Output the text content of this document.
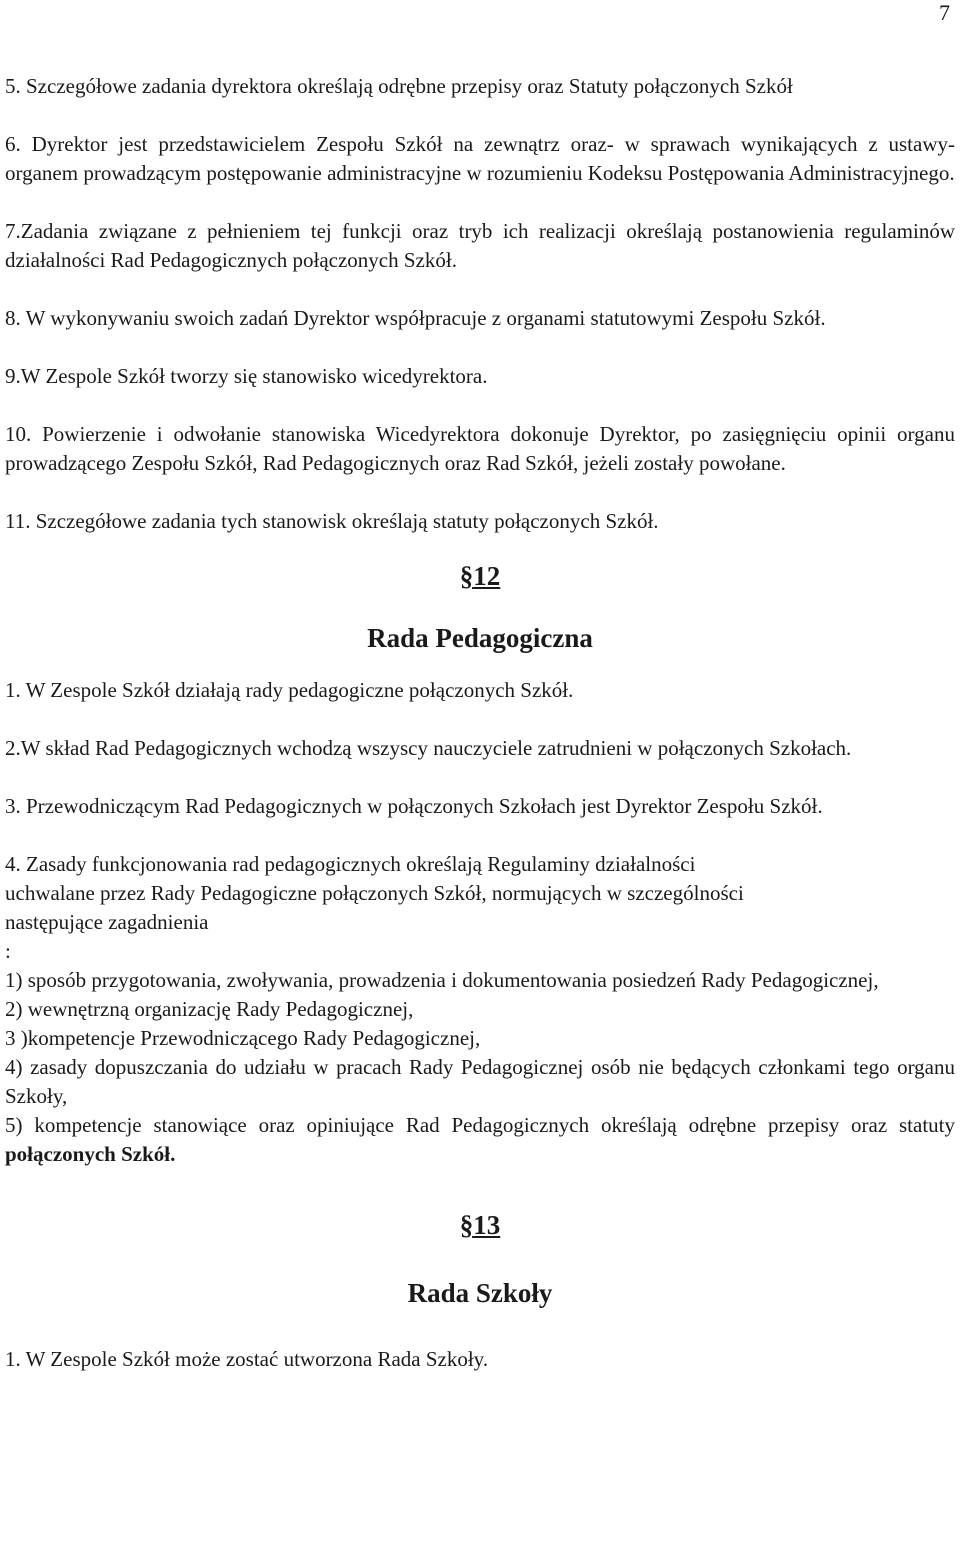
7

5. Szczegółowe zadania dyrektora określają odrębne przepisy oraz Statuty połączonych Szkół

6. Dyrektor jest przedstawicielem Zespołu Szkół na zewnątrz oraz- w sprawach wynikających z ustawy- organem prowadzącym postępowanie administracyjne w rozumieniu Kodeksu Postępowania Administracyjnego.

7.Zadania związane z pełnieniem tej funkcji oraz tryb ich realizacji określają postanowienia regulaminów działalności Rad Pedagogicznych połączonych Szkół.

8. W wykonywaniu swoich zadań Dyrektor współpracuje z organami statutowymi Zespołu Szkół.

9.W Zespole Szkół tworzy się stanowisko wicedyrektora.

10. Powierzenie i odwołanie stanowiska Wicedyrektora dokonuje Dyrektor, po zasięgnięciu opinii organu prowadzącego Zespołu Szkół, Rad Pedagogicznych oraz Rad Szkół, jeżeli zostały powołane.

11. Szczegółowe zadania tych stanowisk określają statuty połączonych Szkół.

§12
Rada Pedagogiczna

1. W Zespole Szkół działają rady pedagogiczne połączonych Szkół.

2.W skład Rad Pedagogicznych wchodzą wszyscy nauczyciele zatrudnieni w połączonych Szkołach.

3. Przewodniczącym Rad Pedagogicznych w połączonych Szkołach jest Dyrektor Zespołu Szkół.

4. Zasady funkcjonowania rad pedagogicznych określają Regulaminy działalności
uchwalane przez Rady Pedagogiczne połączonych Szkół, normujących w szczególności
następujące zagadnienia
:

1) sposób przygotowania, zwoływania, prowadzenia i dokumentowania posiedzeń Rady Pedagogicznej,

2) wewnętrzną organizację Rady Pedagogicznej,

3 )kompetencje Przewodniczącego Rady Pedagogicznej,

4) zasady dopuszczania do udziału w pracach Rady Pedagogicznej osób nie będących członkami tego organu Szkoły,

5) kompetencje stanowiące oraz opiniujące Rad Pedagogicznych określają odrębne przepisy oraz statuty połączonych Szkół.

§13
Rada Szkoły

1. W Zespole Szkół może zostać utworzona Rada Szkoły.
